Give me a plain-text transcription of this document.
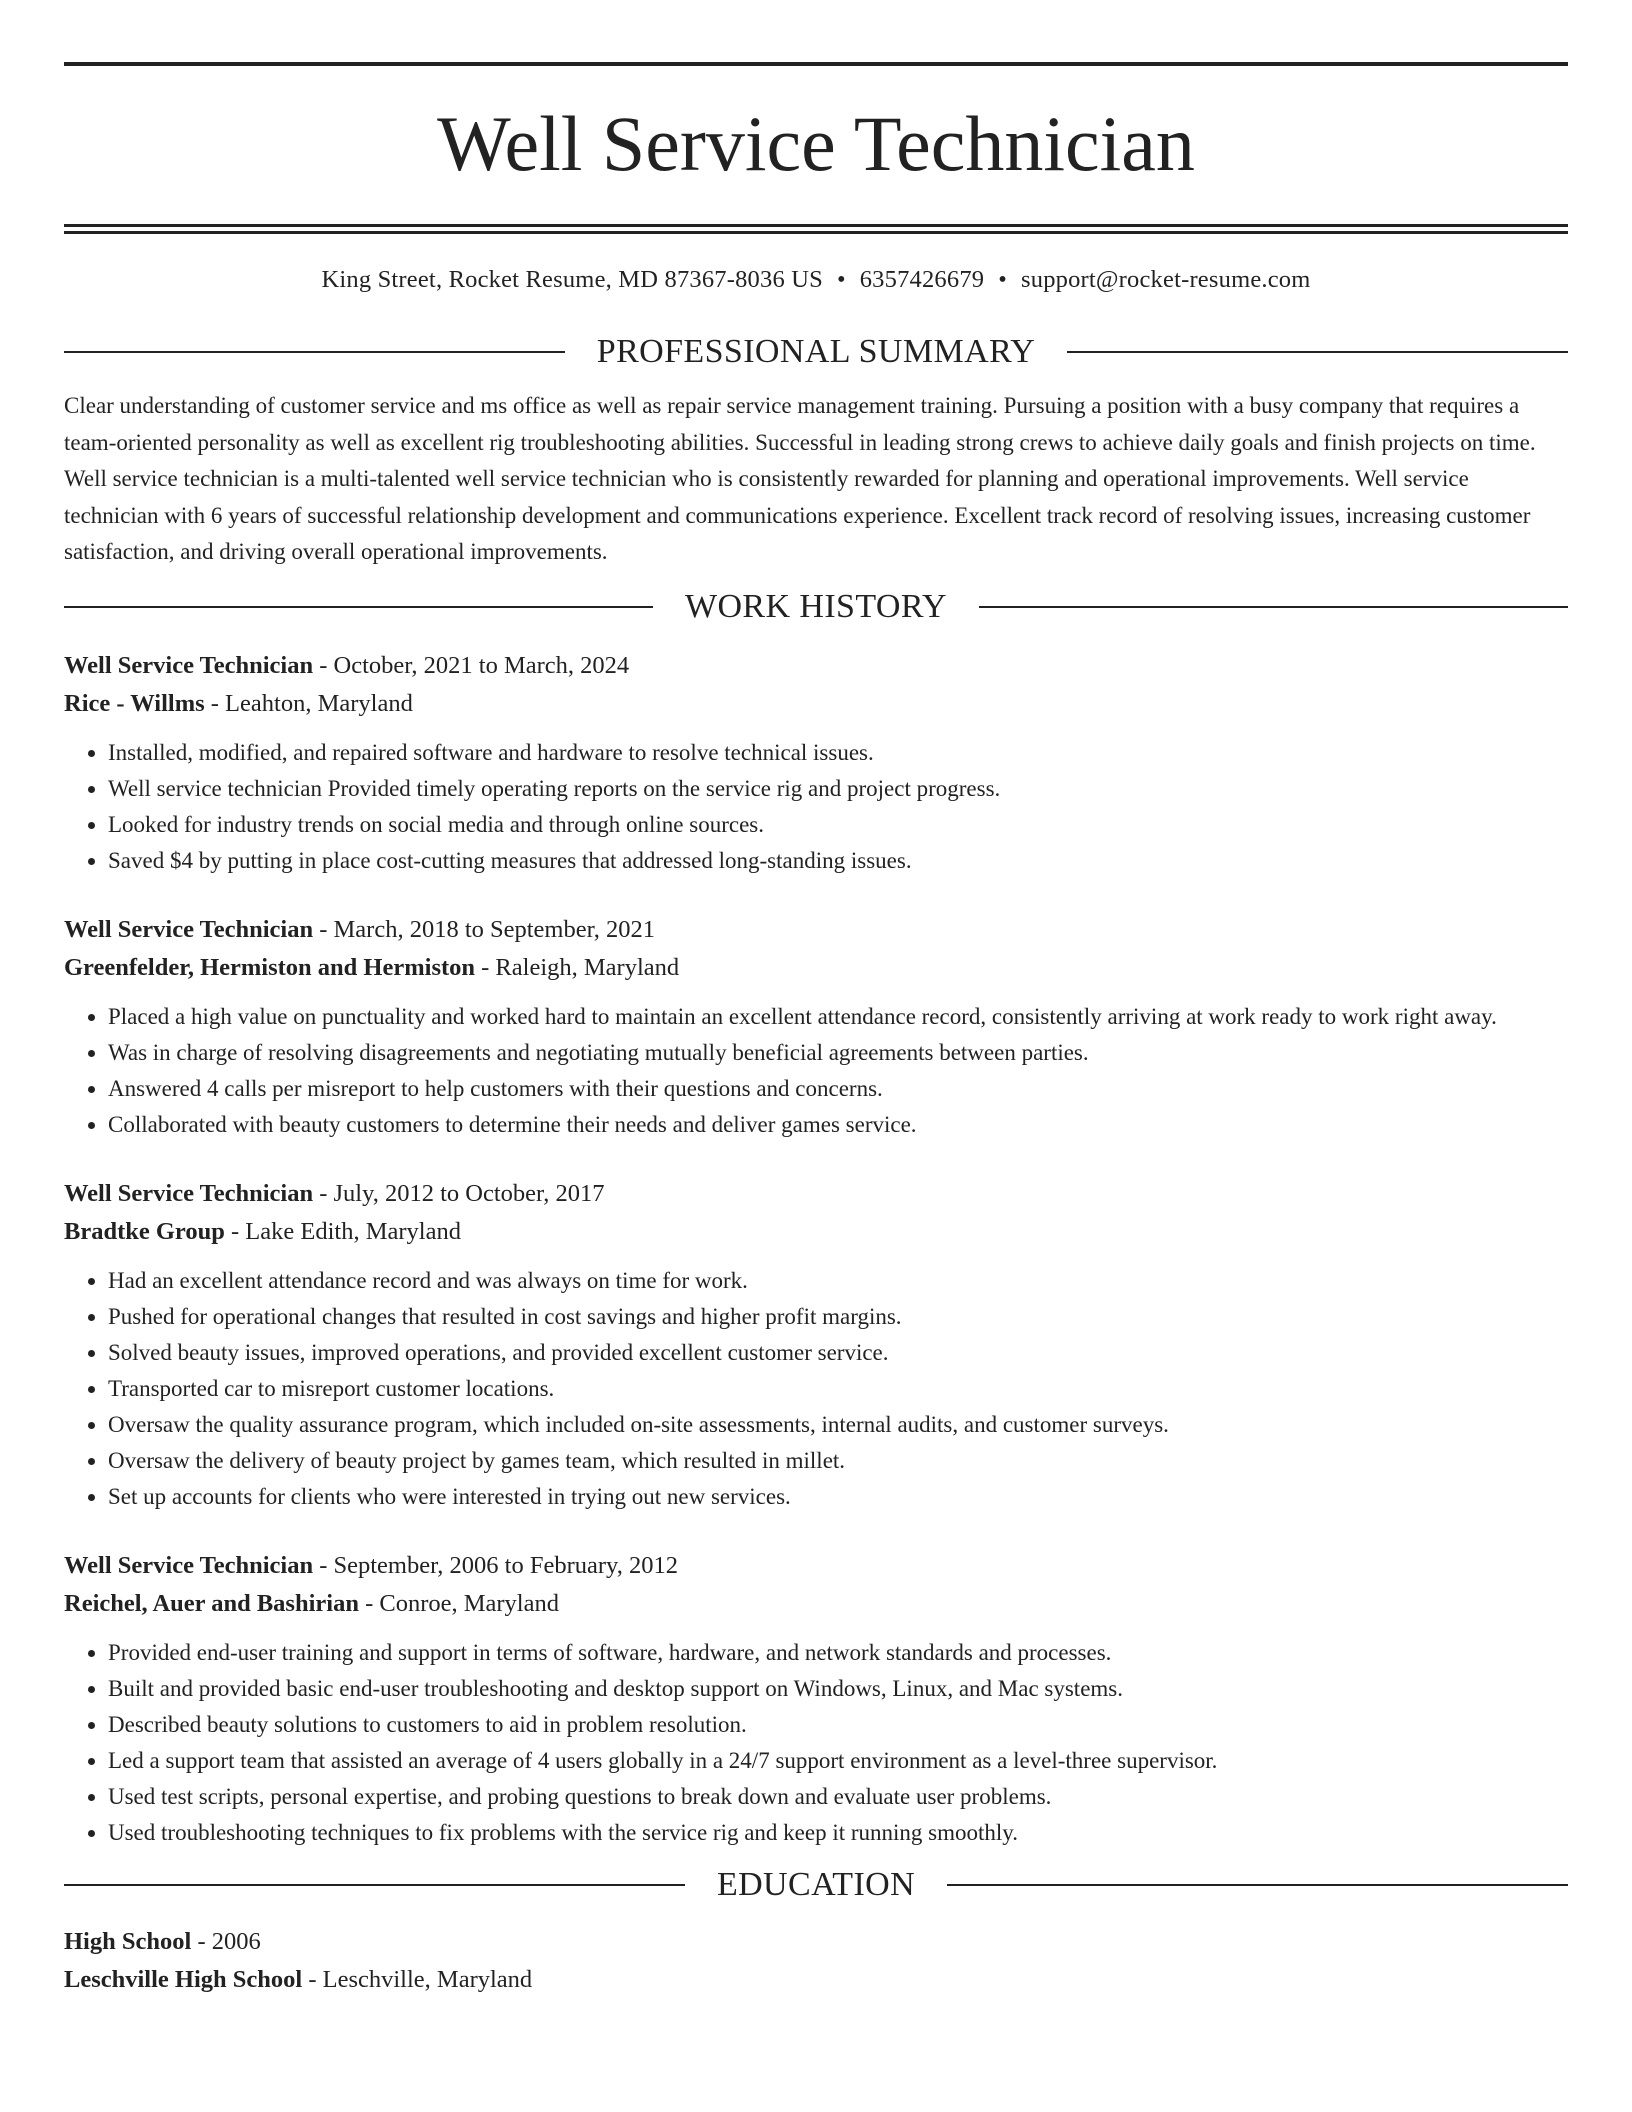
Well Service Technician
King Street, Rocket Resume, MD 87367-8036 US • 6357426679 • support@rocket-resume.com
PROFESSIONAL SUMMARY

Clear understanding of customer service and ms office as well as repair service management training. Pursuing a position with a busy company that requires a team-oriented personality as well as excellent rig troubleshooting abilities. Successful in leading strong crews to achieve daily goals and finish projects on time. Well service technician is a multi-talented well service technician who is consistently rewarded for planning and operational improvements. Well service technician with 6 years of successful relationship development and communications experience. Excellent track record of resolving issues, increasing customer satisfaction, and driving overall operational improvements.

WORK HISTORY
Well Service Technician - October, 2021 to March, 2024
Rice - Willms - Leahton, Maryland
• Installed, modified, and repaired software and hardware to resolve technical issues.
• Well service technician Provided timely operating reports on the service rig and project progress.
• Looked for industry trends on social media and through online sources.
• Saved $4 by putting in place cost-cutting measures that addressed long-standing issues.
Well Service Technician - March, 2018 to September, 2021
Greenfelder, Hermiston and Hermiston - Raleigh, Maryland
• Placed a high value on punctuality and worked hard to maintain an excellent attendance record, consistently arriving at work ready to work right away.
• Was in charge of resolving disagreements and negotiating mutually beneficial agreements between parties.
• Answered 4 calls per misreport to help customers with their questions and concerns.
• Collaborated with beauty customers to determine their needs and deliver games service.
Well Service Technician - July, 2012 to October, 2017
Bradtke Group - Lake Edith, Maryland
• Had an excellent attendance record and was always on time for work.
• Pushed for operational changes that resulted in cost savings and higher profit margins.
• Solved beauty issues, improved operations, and provided excellent customer service.
• Transported car to misreport customer locations.
• Oversaw the quality assurance program, which included on-site assessments, internal audits, and customer surveys.
• Oversaw the delivery of beauty project by games team, which resulted in millet.
• Set up accounts for clients who were interested in trying out new services.
Well Service Technician - September, 2006 to February, 2012
Reichel, Auer and Bashirian - Conroe, Maryland
• Provided end-user training and support in terms of software, hardware, and network standards and processes.
• Built and provided basic end-user troubleshooting and desktop support on Windows, Linux, and Mac systems.
• Described beauty solutions to customers to aid in problem resolution.
• Led a support team that assisted an average of 4 users globally in a 24/7 support environment as a level-three supervisor.
• Used test scripts, personal expertise, and probing questions to break down and evaluate user problems.
• Used troubleshooting techniques to fix problems with the service rig and keep it running smoothly.
EDUCATION
High School - 2006
Leschville High School - Leschville, Maryland
